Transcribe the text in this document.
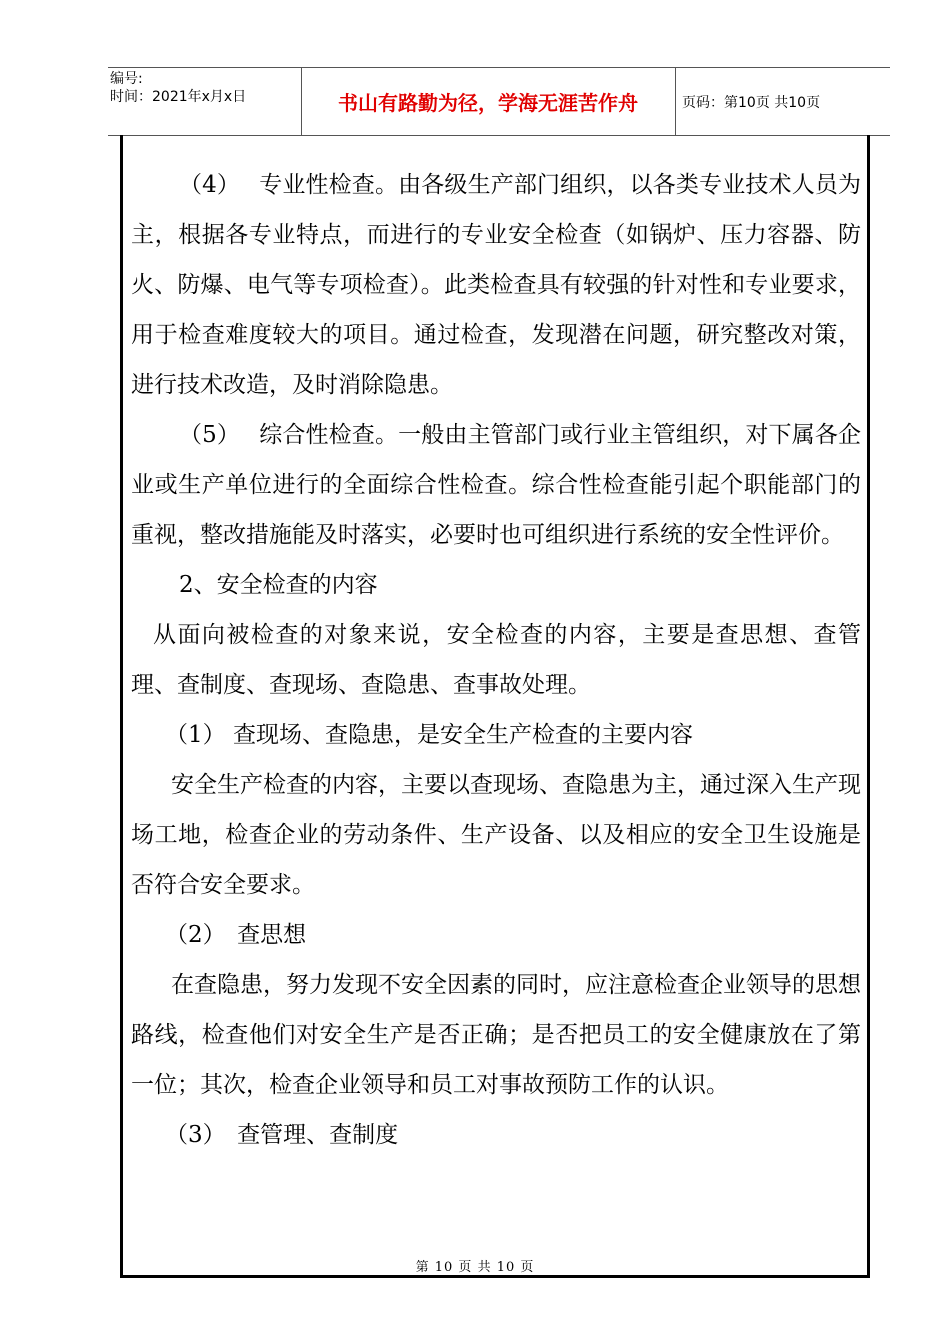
编号:
时间：2021年x月x日	书山有路勤为径，学海无涯苦作舟	页码：第10页 共10页

（4）　 专业性检查。由各级生产部门组织，以各类专业技术人员为主，根据各专业特点，而进行的专业安全检查（如锅炉、压力容器、防火、防爆、电气等专项检查）。此类检查具有较强的针对性和专业要求，用于检查难度较大的项目。通过检查，发现潜在问题，研究整改对策，进行技术改造，及时消除隐患。

（5）　 综合性检查。一般由主管部门或行业主管组织，对下属各企业或生产单位进行的全面综合性检查。综合性检查能引起个职能部门的重视，整改措施能及时落实，必要时也可组织进行系统的安全性评价。

2、安全检查的内容

从面向被检查的对象来说，安全检查的内容，主要是查思想、查管理、查制度、查现场、查隐患、查事故处理。

（1） 查现场、查隐患，是安全生产检查的主要内容

安全生产检查的内容，主要以查现场、查隐患为主，通过深入生产现场工地，检查企业的劳动条件、生产设备、以及相应的安全卫生设施是否符合安全要求。

（2）　查思想

在查隐患，努力发现不安全因素的同时，应注意检查企业领导的思想路线，检查他们对安全生产是否正确；是否把员工的安全健康放在了第一位；其次，检查企业领导和员工对事故预防工作的认识。

（3）　查管理、查制度

第 10 页 共 10 页
